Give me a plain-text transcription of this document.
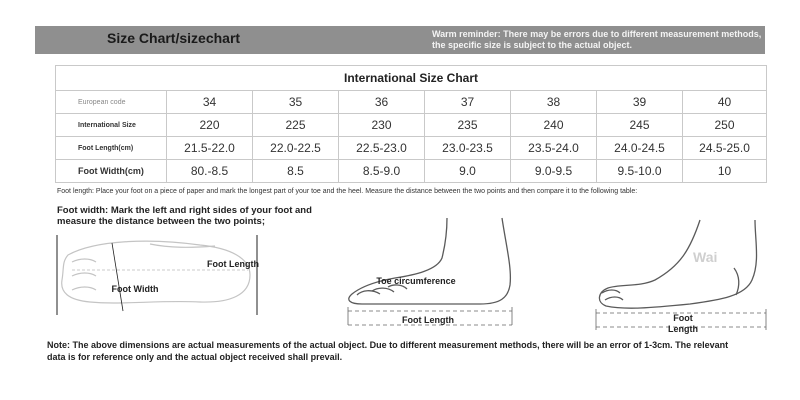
Size Chart/sizechart	Warm reminder: There may be errors due to different measurement methods, the specific size is subject to the actual object.
International Size Chart							
European code	34	35	36	37	38	39	40
International Size	220	225	230	235	240	245	250
Foot Length(cm)	21.5-22.0	22.0-22.5	22.5-23.0	23.0-23.5	23.5-24.0	24.0-24.5	24.5-25.0
Foot Width(cm)	80.-8.5	8.5	8.5-9.0	9.0	9.0-9.5	9.5-10.0	10
Foot length: Place your foot on a piece of paper and mark the longest part of your toe and the heel. Measure the distance between the two points and then compare it to the following table:
Foot width: Mark the left and right sides of your foot and measure the distance between the two points;
Foot Length
Foot Width
Toe circumference
Foot Length	Foot Length
Wai
Note: The above dimensions are actual measurements of the actual object. Due to different measurement methods, there will be an error of 1-3cm. The relevant data is for reference only and the actual object received shall prevail.
